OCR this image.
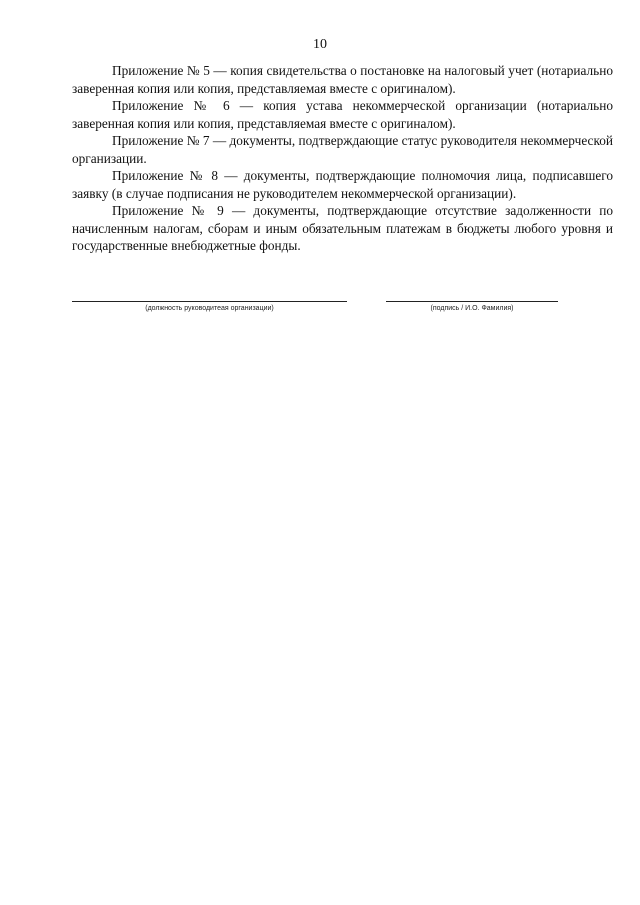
10

Приложение № 5 — копия свидетельства о постановке на налоговый учет (нотариально заверенная копия или копия, представляемая вместе с оригиналом).

Приложение № 6 — копия устава некоммерческой организации (нотариально заверенная копия или копия, представляемая вместе с оригиналом).

Приложение № 7 — документы, подтверждающие статус руководителя некоммерческой организации.

Приложение № 8 — документы, подтверждающие полномочия лица, подписавшего заявку (в случае подписания не руководителем некоммерческой организации).

Приложение № 9 — документы, подтверждающие отсутствие задолженности по начисленным налогам, сборам и иным обязательным платежам в бюджеты любого уровня и государственные внебюджетные фонды.

(должность руководитеая организации)	(подпись / И.О. Фамилия)
